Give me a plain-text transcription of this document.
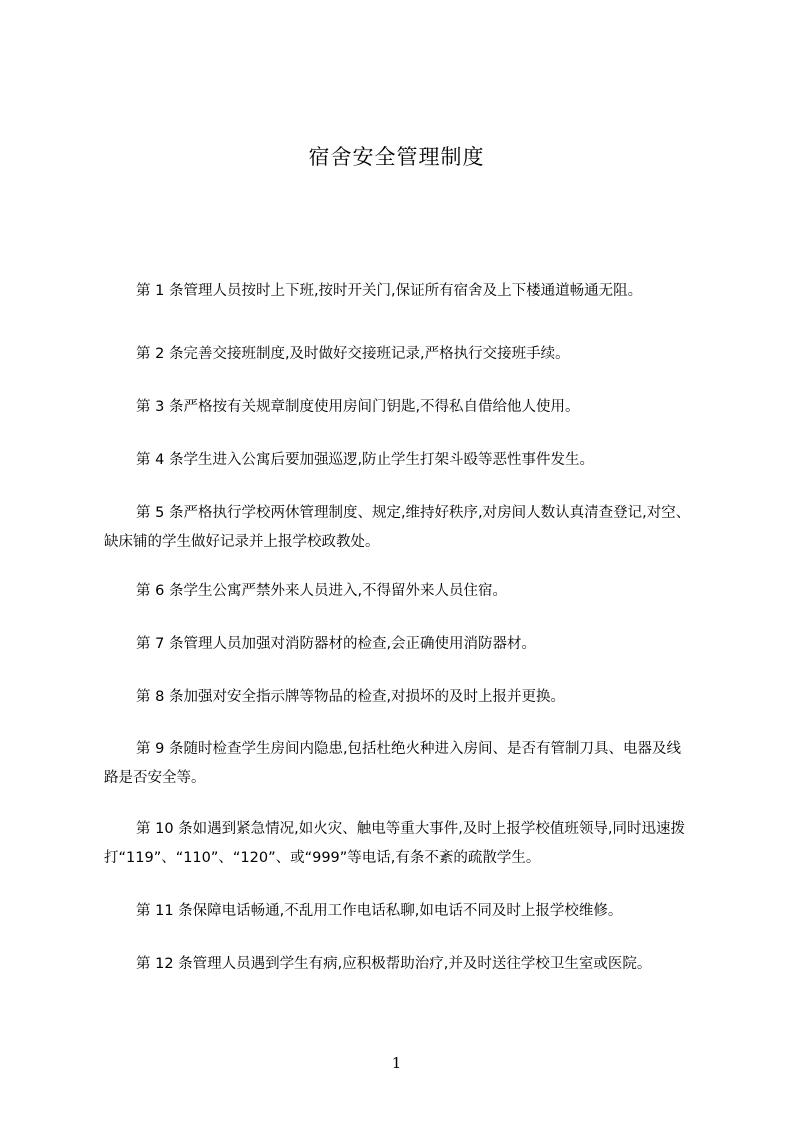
宿舍安全管理制度

第 1 条管理人员按时上下班,按时开关门,保证所有宿舍及上下楼通道畅通无阻。

第 2 条完善交接班制度,及时做好交接班记录,严格执行交接班手续。

第 3 条严格按有关规章制度使用房间门钥匙,不得私自借给他人使用。

第 4 条学生进入公寓后要加强巡逻,防止学生打架斗殴等恶性事件发生。

第 5 条严格执行学校两休管理制度、规定,维持好秩序,对房间人数认真清查登记,对空、缺床铺的学生做好记录并上报学校政教处。

第 6 条学生公寓严禁外来人员进入,不得留外来人员住宿。

第 7 条管理人员加强对消防器材的检查,会正确使用消防器材。

第 8 条加强对安全指示牌等物品的检查,对损坏的及时上报并更换。

第 9 条随时检查学生房间内隐患,包括杜绝火种进入房间、是否有管制刀具、电器及线路是否安全等。

第 10 条如遇到紧急情况,如火灾、触电等重大事件,及时上报学校值班领导,同时迅速拨打“119”、“110”、“120”、或“999”等电话,有条不紊的疏散学生。

第 11 条保障电话畅通,不乱用工作电话私聊,如电话不同及时上报学校维修。

第 12 条管理人员遇到学生有病,应积极帮助治疗,并及时送往学校卫生室或医院。

1
